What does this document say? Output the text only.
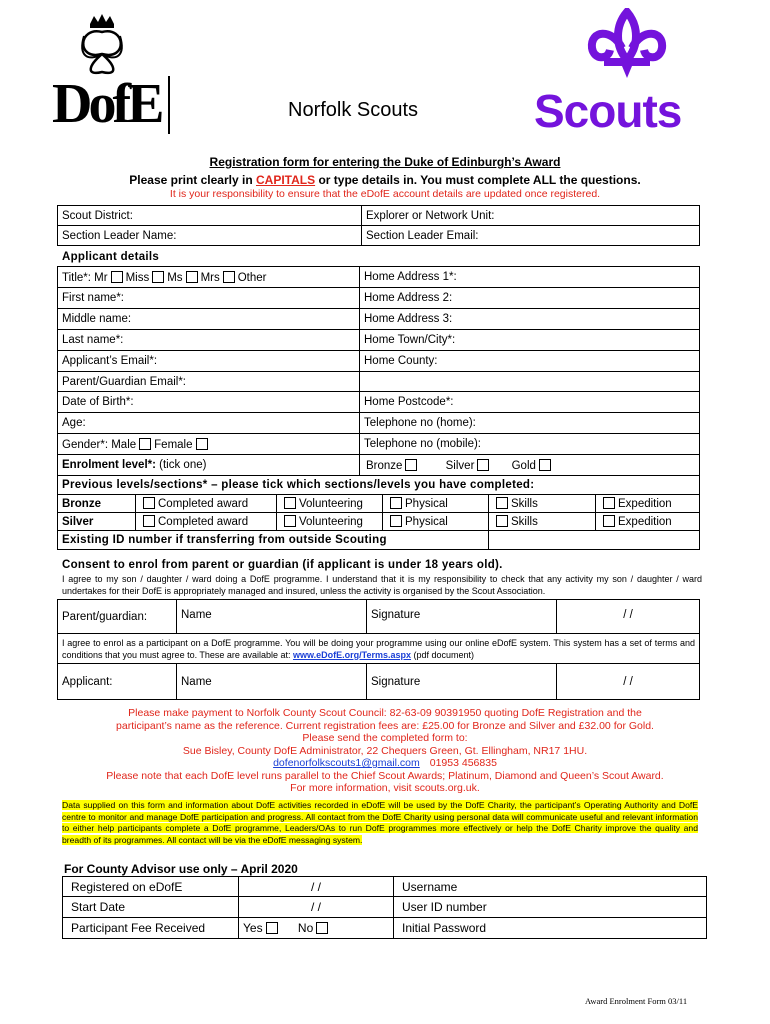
DofE	Norfolk Scouts	Scouts
Registration form for entering the Duke of Edinburgh’s Award
Please print clearly in CAPITALS or type details in. You must complete ALL the questions.
It is your responsibility to ensure that the eDofE account details are updated once registered.
Scout District:	Explorer or Network Unit:
Section Leader Name:	Section Leader Email:
Applicant details
Title*: Mr Miss Ms Mrs Other	Home Address 1*:
First name*:	Home Address 2:
Middle name:	Home Address 3:
Last name*:	Home Town/City*:
Applicant’s Email*:	Home County:
Parent/Guardian Email*:	
Date of Birth*:	Home Postcode*:
Age:	Telephone no (home):
Gender*: Male Female	Telephone no (mobile):
Enrolment level*: (tick one)	Bronze Silver Gold
Previous levels/sections* – please tick which sections/levels you have completed:					
Bronze	Completed award	Volunteering	Physical	Skills	Expedition
Silver	Completed award	Volunteering	Physical	Skills	Expedition
Existing ID number if transferring from outside Scouting					
Consent to enrol from parent or guardian (if applicant is under 18 years old).
I agree to my son / daughter / ward doing a DofE programme. I understand that it is my responsibility to check that any activity my son / daughter / ward undertakes for their DofE is appropriately managed and insured, unless the activity is organised by the Scout Association.
Parent/guardian:	Name	Signature	/ /
I agree to enrol as a participant on a DofE programme. You will be doing your programme using our online eDofE system. This system has a set of terms and conditions that you must agree to. These are available at: www.eDofE.org/Terms.aspx (pdf document)			
Applicant:	Name	Signature	/ /
Please make payment to Norfolk County Scout Council: 82-63-09 90391950 quoting DofE Registration and the
participant’s name as the reference. Current registration fees are: £25.00 for Bronze and Silver and £32.00 for Gold.
Please send the completed form to:
Sue Bisley, County DofE Administrator, 22 Chequers Green, Gt. Ellingham, NR17 1HU.
dofenorfolkscouts1@gmail.com 01953 456835
Please note that each DofE level runs parallel to the Chief Scout Awards; Platinum, Diamond and Queen’s Scout Award.
For more information, visit scouts.org.uk.
Data supplied on this form and information about DofE activities recorded in eDofE will be used by the DofE Charity, the participant’s Operating Authority and DofE centre to monitor and manage DofE participation and progress. All contact from the DofE Charity using personal data will communicate useful and relevant information to either help participants complete a DofE programme, Leaders/OAs to run DofE programmes more effectively or help the DofE Charity improve the quality and breadth of its programmes. All contact will be via the eDofE messaging system.
For County Advisor use only – April 2020
Registered on eDofE	/ /	Username
Start Date	/ /	User ID number
Participant Fee Received	Yes No	Initial Password
Award Enrolment Form 03/11
